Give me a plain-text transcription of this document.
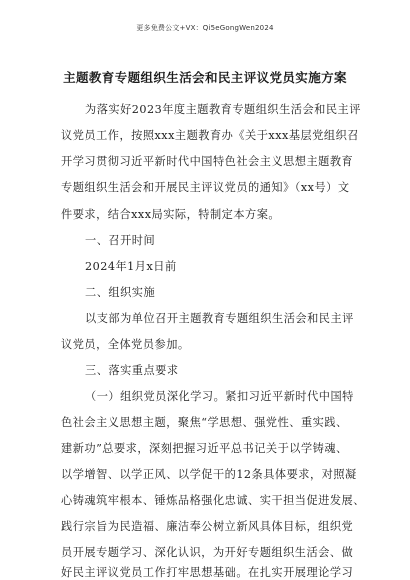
更多免费公文+VX：Qi5eGongWen2024
主题教育专题组织生活会和民主评议党员实施方案
为落实好2023年度主题教育专题组织生活会和民主评
议党员工作，按照xxx主题教育办《关于xxx基层党组织召
开学习贯彻习近平新时代中国特色社会主义思想主题教育
专题组织生活会和开展民主评议党员的通知》（xx号）文
件要求，结合xxx局实际，特制定本方案。
一、召开时间
2024年1月x日前
二、组织实施
以支部为单位召开主题教育专题组织生活会和民主评
议党员，全体党员参加。
三、落实重点要求
（一）组织党员深化学习。紧扣习近平新时代中国特
色社会主义思想主题，聚焦“学思想、强党性、重实践、
建新功”总要求，深刻把握习近平总书记关于以学铸魂、
以学增智、以学正风、以学促干的12条具体要求，对照凝
心铸魂筑牢根本、锤炼品格强化忠诚、实干担当促进发展、
践行宗旨为民造福、廉洁奉公树立新风具体目标，组织党
员开展专题学习、深化认识，为开好专题组织生活会、做
好民主评议党员工作打牢思想基础。在扎实开展理论学习
